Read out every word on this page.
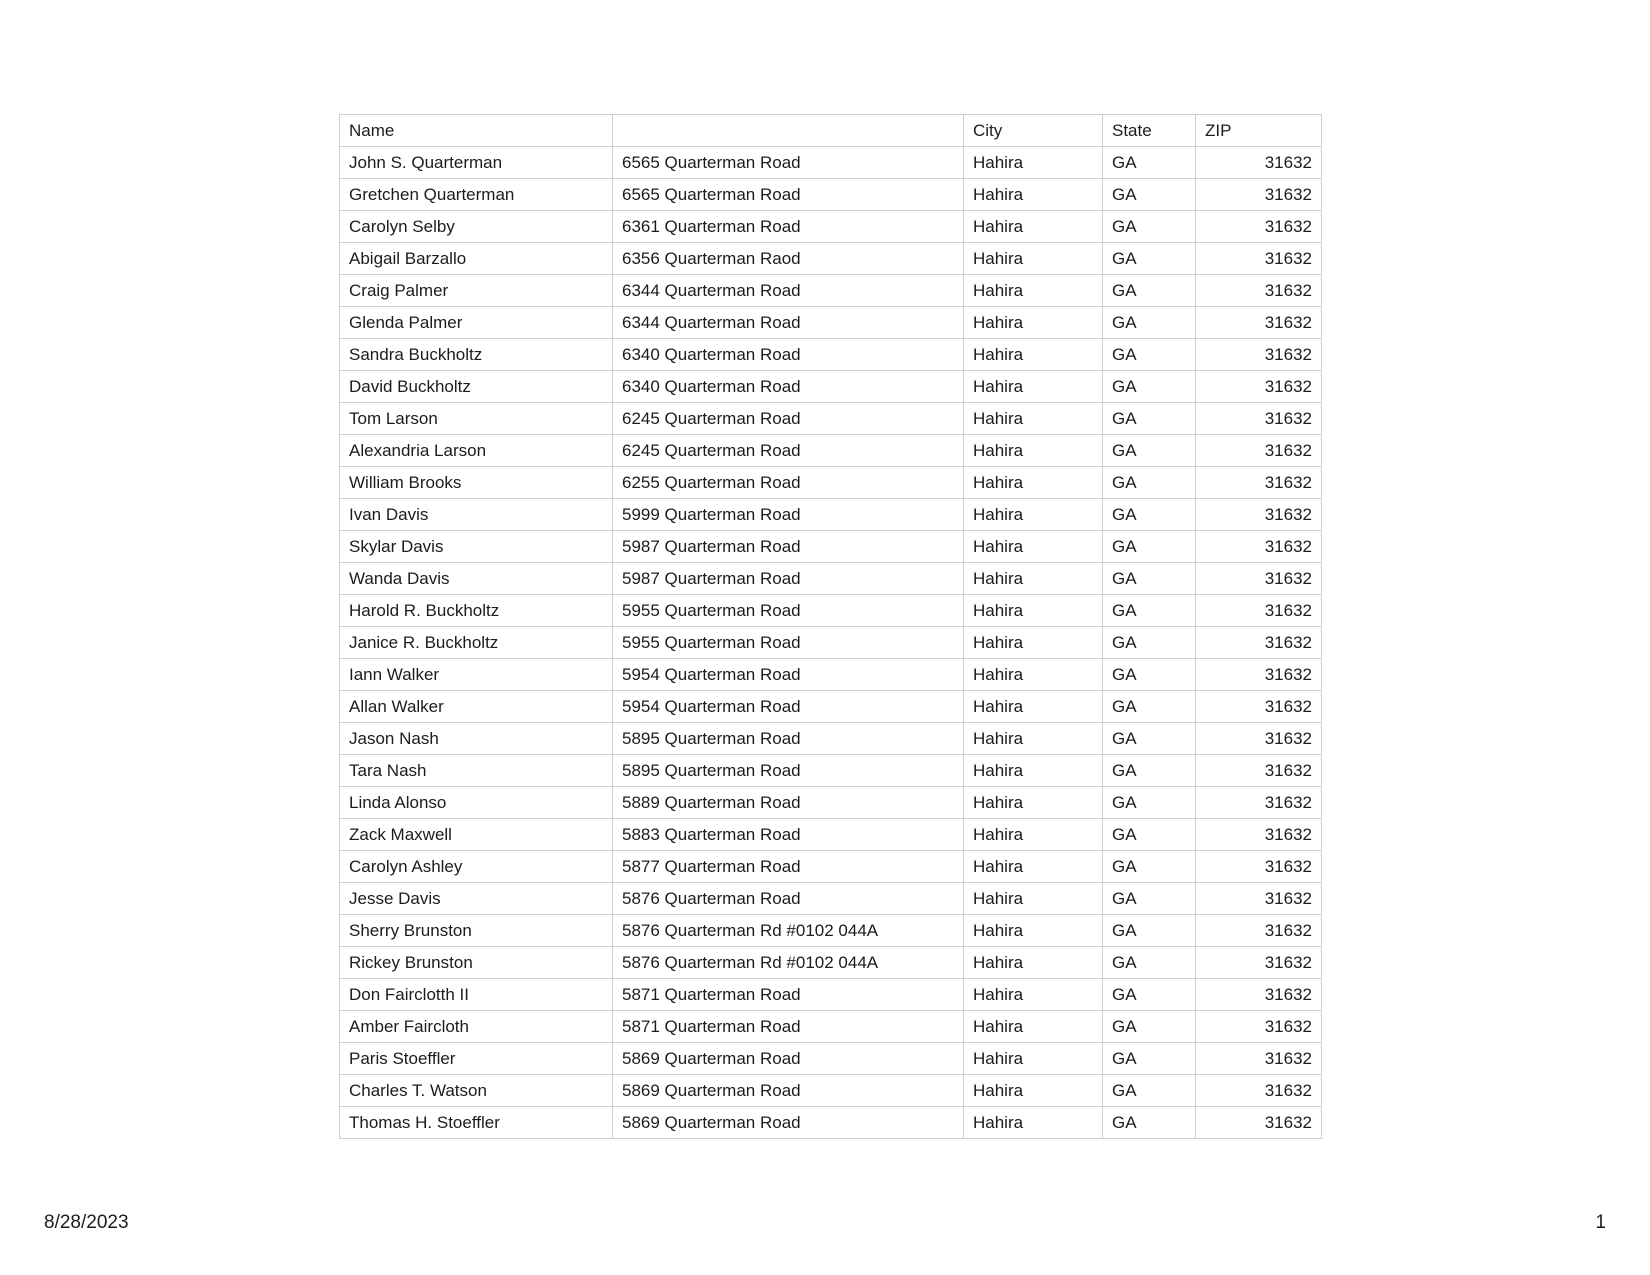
Name		City	State	ZIP
John S. Quarterman	6565 Quarterman Road	Hahira	GA	31632
Gretchen Quarterman	6565 Quarterman Road	Hahira	GA	31632
Carolyn Selby	6361 Quarterman Road	Hahira	GA	31632
Abigail Barzallo	6356 Quarterman Raod	Hahira	GA	31632
Craig Palmer	6344 Quarterman Road	Hahira	GA	31632
Glenda Palmer	6344 Quarterman Road	Hahira	GA	31632
Sandra Buckholtz	6340 Quarterman Road	Hahira	GA	31632
David Buckholtz	6340 Quarterman Road	Hahira	GA	31632
Tom Larson	6245 Quarterman Road	Hahira	GA	31632
Alexandria Larson	6245 Quarterman Road	Hahira	GA	31632
William Brooks	6255 Quarterman Road	Hahira	GA	31632
Ivan Davis	5999 Quarterman Road	Hahira	GA	31632
Skylar Davis	5987 Quarterman Road	Hahira	GA	31632
Wanda Davis	5987 Quarterman Road	Hahira	GA	31632
Harold R. Buckholtz	5955 Quarterman Road	Hahira	GA	31632
Janice R. Buckholtz	5955 Quarterman Road	Hahira	GA	31632
Iann Walker	5954 Quarterman Road	Hahira	GA	31632
Allan Walker	5954 Quarterman Road	Hahira	GA	31632
Jason Nash	5895 Quarterman Road	Hahira	GA	31632
Tara Nash	5895 Quarterman Road	Hahira	GA	31632
Linda Alonso	5889 Quarterman Road	Hahira	GA	31632
Zack Maxwell	5883 Quarterman Road	Hahira	GA	31632
Carolyn Ashley	5877 Quarterman Road	Hahira	GA	31632
Jesse Davis	5876 Quarterman Road	Hahira	GA	31632
Sherry Brunston	5876 Quarterman Rd #0102 044A	Hahira	GA	31632
Rickey Brunston	5876 Quarterman Rd #0102 044A	Hahira	GA	31632
Don Fairclotth II	5871 Quarterman Road	Hahira	GA	31632
Amber Faircloth	5871 Quarterman Road	Hahira	GA	31632
Paris Stoeffler	5869 Quarterman Road	Hahira	GA	31632
Charles T. Watson	5869 Quarterman Road	Hahira	GA	31632
Thomas H. Stoeffler	5869 Quarterman Road	Hahira	GA	31632
8/28/2023	1
